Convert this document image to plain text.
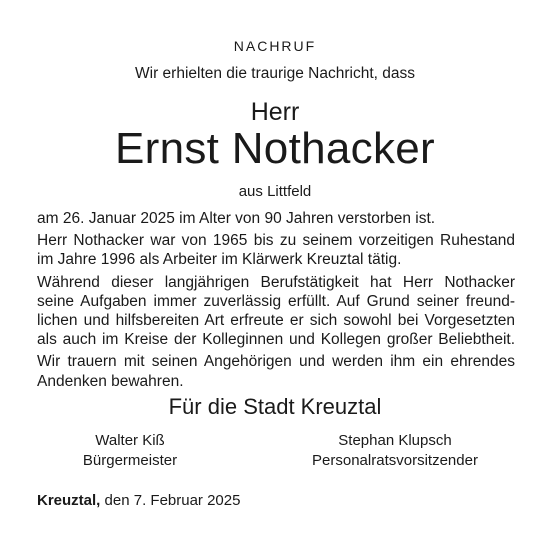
NACHRUF
Wir erhielten die traurige Nachricht, dass
Herr
Ernst Nothacker
aus Littfeld

am 26. Januar 2025 im Alter von 90 Jahren verstorben ist.

Herr Nothacker war von 1965 bis zu seinem vorzeitigen Ruhestand
im Jahre 1996 als Arbeiter im Klärwerk Kreuztal tätig.

Während dieser langjährigen Berufstätigkeit hat Herr Nothacker
seine Aufgaben immer zuverlässig erfüllt. Auf Grund seiner freund-
lichen und hilfsbereiten Art erfreute er sich sowohl bei Vorgesetzten
als auch im Kreise der Kolleginnen und Kollegen großer Beliebtheit.

Wir trauern mit seinen Angehörigen und werden ihm ein ehrendes
Andenken bewahren.

Für die Stadt Kreuztal
Walter Kiß
Bürgermeister
Stephan Klupsch
Personalratsvorsitzender
Kreuztal, den 7. Februar 2025
